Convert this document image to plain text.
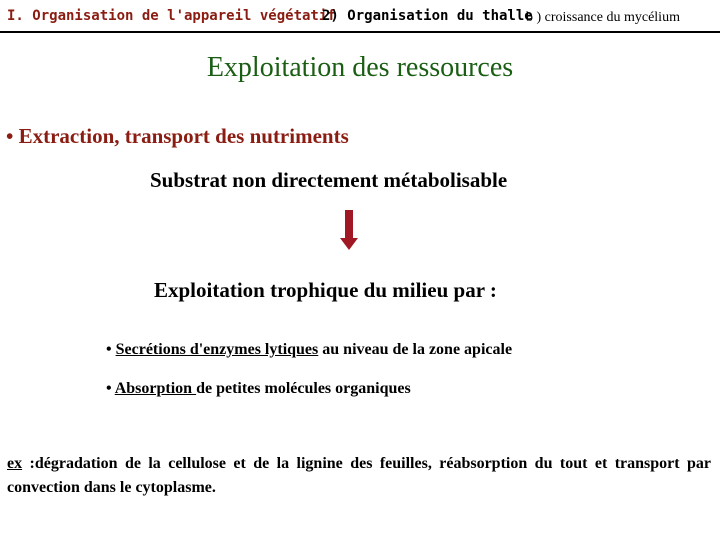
I. Organisation de l'appareil végétatif
2) Organisation du thalle
b ) croissance du mycélium
Exploitation des ressources
• Extraction, transport des nutriments
Substrat non directement métabolisable
Exploitation trophique du milieu par :
• Secrétions d'enzymes lytiques au niveau de la zone apicale
• Absorption de petites molécules organiques
ex :dégradation de la cellulose et de la lignine des feuilles, réabsorption du tout et transport par convection dans le cytoplasme.
